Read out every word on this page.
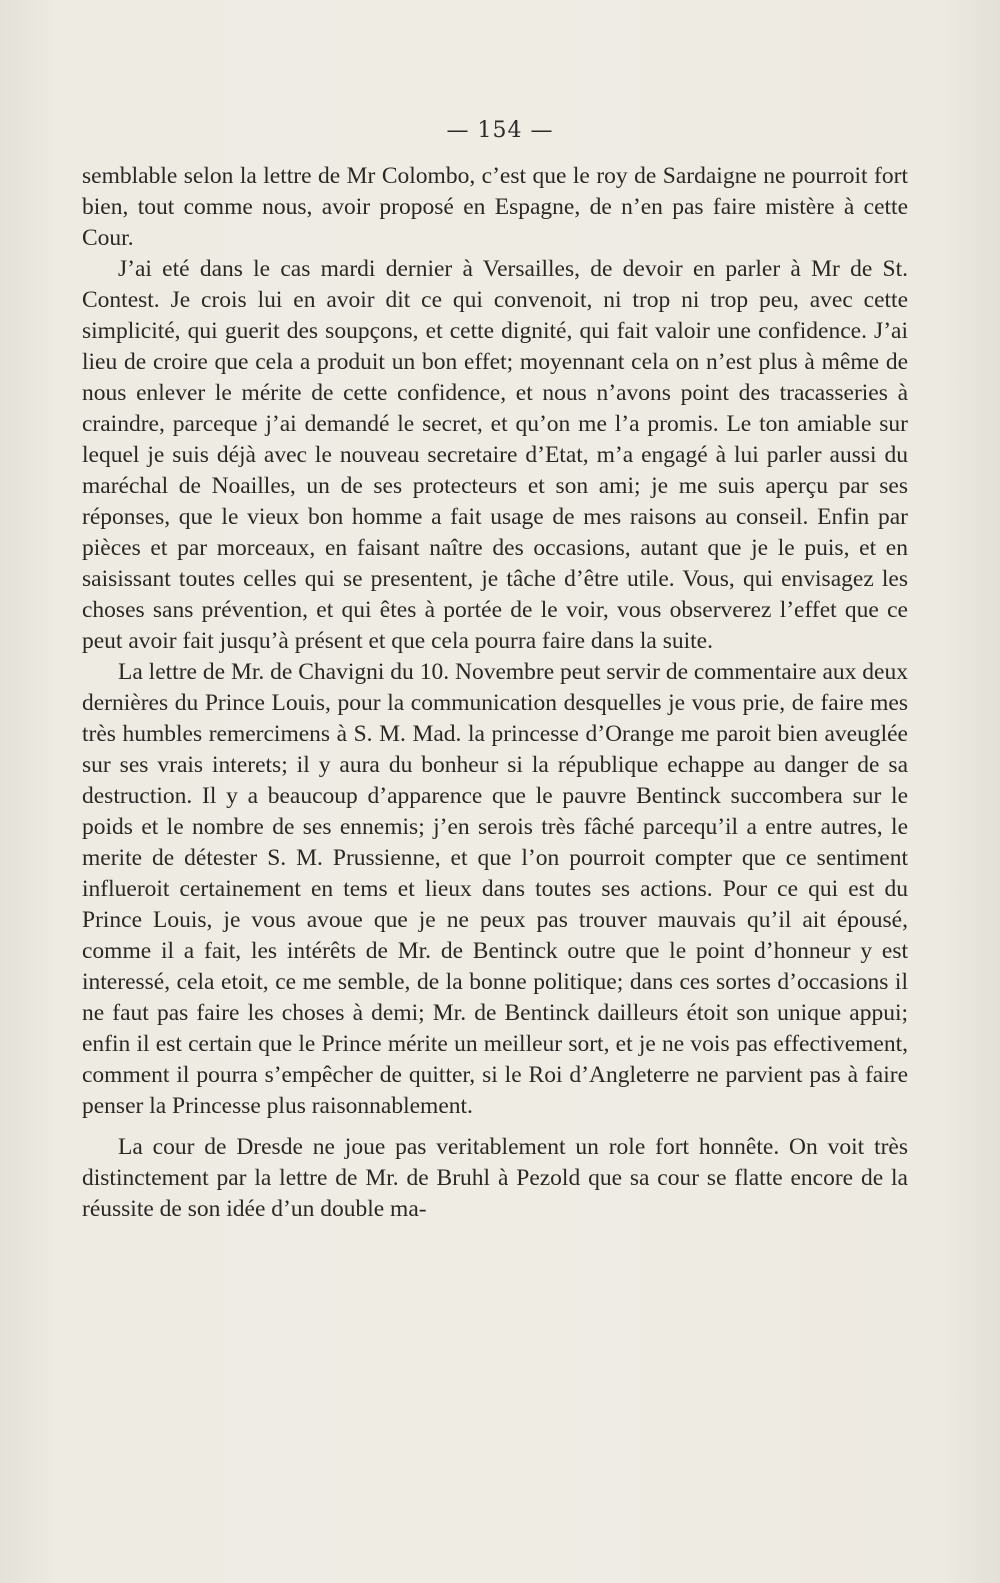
— 154 —

semblable selon la lettre de Mr Colombo, c’est que le roy de Sardaigne ne pourroit fort bien, tout comme nous, avoir proposé en Espagne, de n’en pas faire mistère à cette Cour.

J’ai eté dans le cas mardi dernier à Versailles, de devoir en parler à Mr de St. Contest. Je crois lui en avoir dit ce qui convenoit, ni trop ni trop peu, avec cette simplicité, qui guerit des soupçons, et cette dignité, qui fait valoir une confidence. J’ai lieu de croire que cela a produit un bon effet; moyennant cela on n’est plus à même de nous enlever le mérite de cette confidence, et nous n’avons point des tracasseries à craindre, parceque j’ai demandé le secret, et qu’on me l’a promis. Le ton amiable sur lequel je suis déjà avec le nouveau secretaire d’Etat, m’a engagé à lui parler aussi du maréchal de Noailles, un de ses protecteurs et son ami; je me suis aperçu par ses réponses, que le vieux bon homme a fait usage de mes raisons au conseil. Enfin par pièces et par morceaux, en faisant naître des occasions, autant que je le puis, et en saisissant toutes celles qui se presentent, je tâche d’être utile. Vous, qui envisagez les choses sans prévention, et qui êtes à portée de le voir, vous observerez l’effet que ce peut avoir fait jusqu’à présent et que cela pourra faire dans la suite.

La lettre de Mr. de Chavigni du 10. Novembre peut servir de commentaire aux deux dernières du Prince Louis, pour la communication desquelles je vous prie, de faire mes très humbles remercimens à S. M. Mad. la princesse d’Orange me paroit bien aveuglée sur ses vrais interets; il y aura du bonheur si la république echappe au danger de sa destruction. Il y a beaucoup d’apparence que le pauvre Bentinck succombera sur le poids et le nombre de ses ennemis; j’en serois très fâché parcequ’il a entre autres, le merite de détester S. M. Prussienne, et que l’on pourroit compter que ce sentiment influeroit certainement en tems et lieux dans toutes ses actions. Pour ce qui est du Prince Louis, je vous avoue que je ne peux pas trouver mauvais qu’il ait épousé, comme il a fait, les intérêts de Mr. de Bentinck outre que le point d’honneur y est interessé, cela etoit, ce me semble, de la bonne politique; dans ces sortes d’occasions il ne faut pas faire les choses à demi; Mr. de Bentinck dailleurs étoit son unique appui; enfin il est certain que le Prince mérite un meilleur sort, et je ne vois pas effectivement, comment il pourra s’empêcher de quitter, si le Roi d’Angleterre ne parvient pas à faire penser la Princesse plus raisonnablement.

La cour de Dresde ne joue pas veritablement un role fort honnête. On voit très distinctement par la lettre de Mr. de Bruhl à Pezold que sa cour se flatte encore de la réussite de son idée d’un double ma-
